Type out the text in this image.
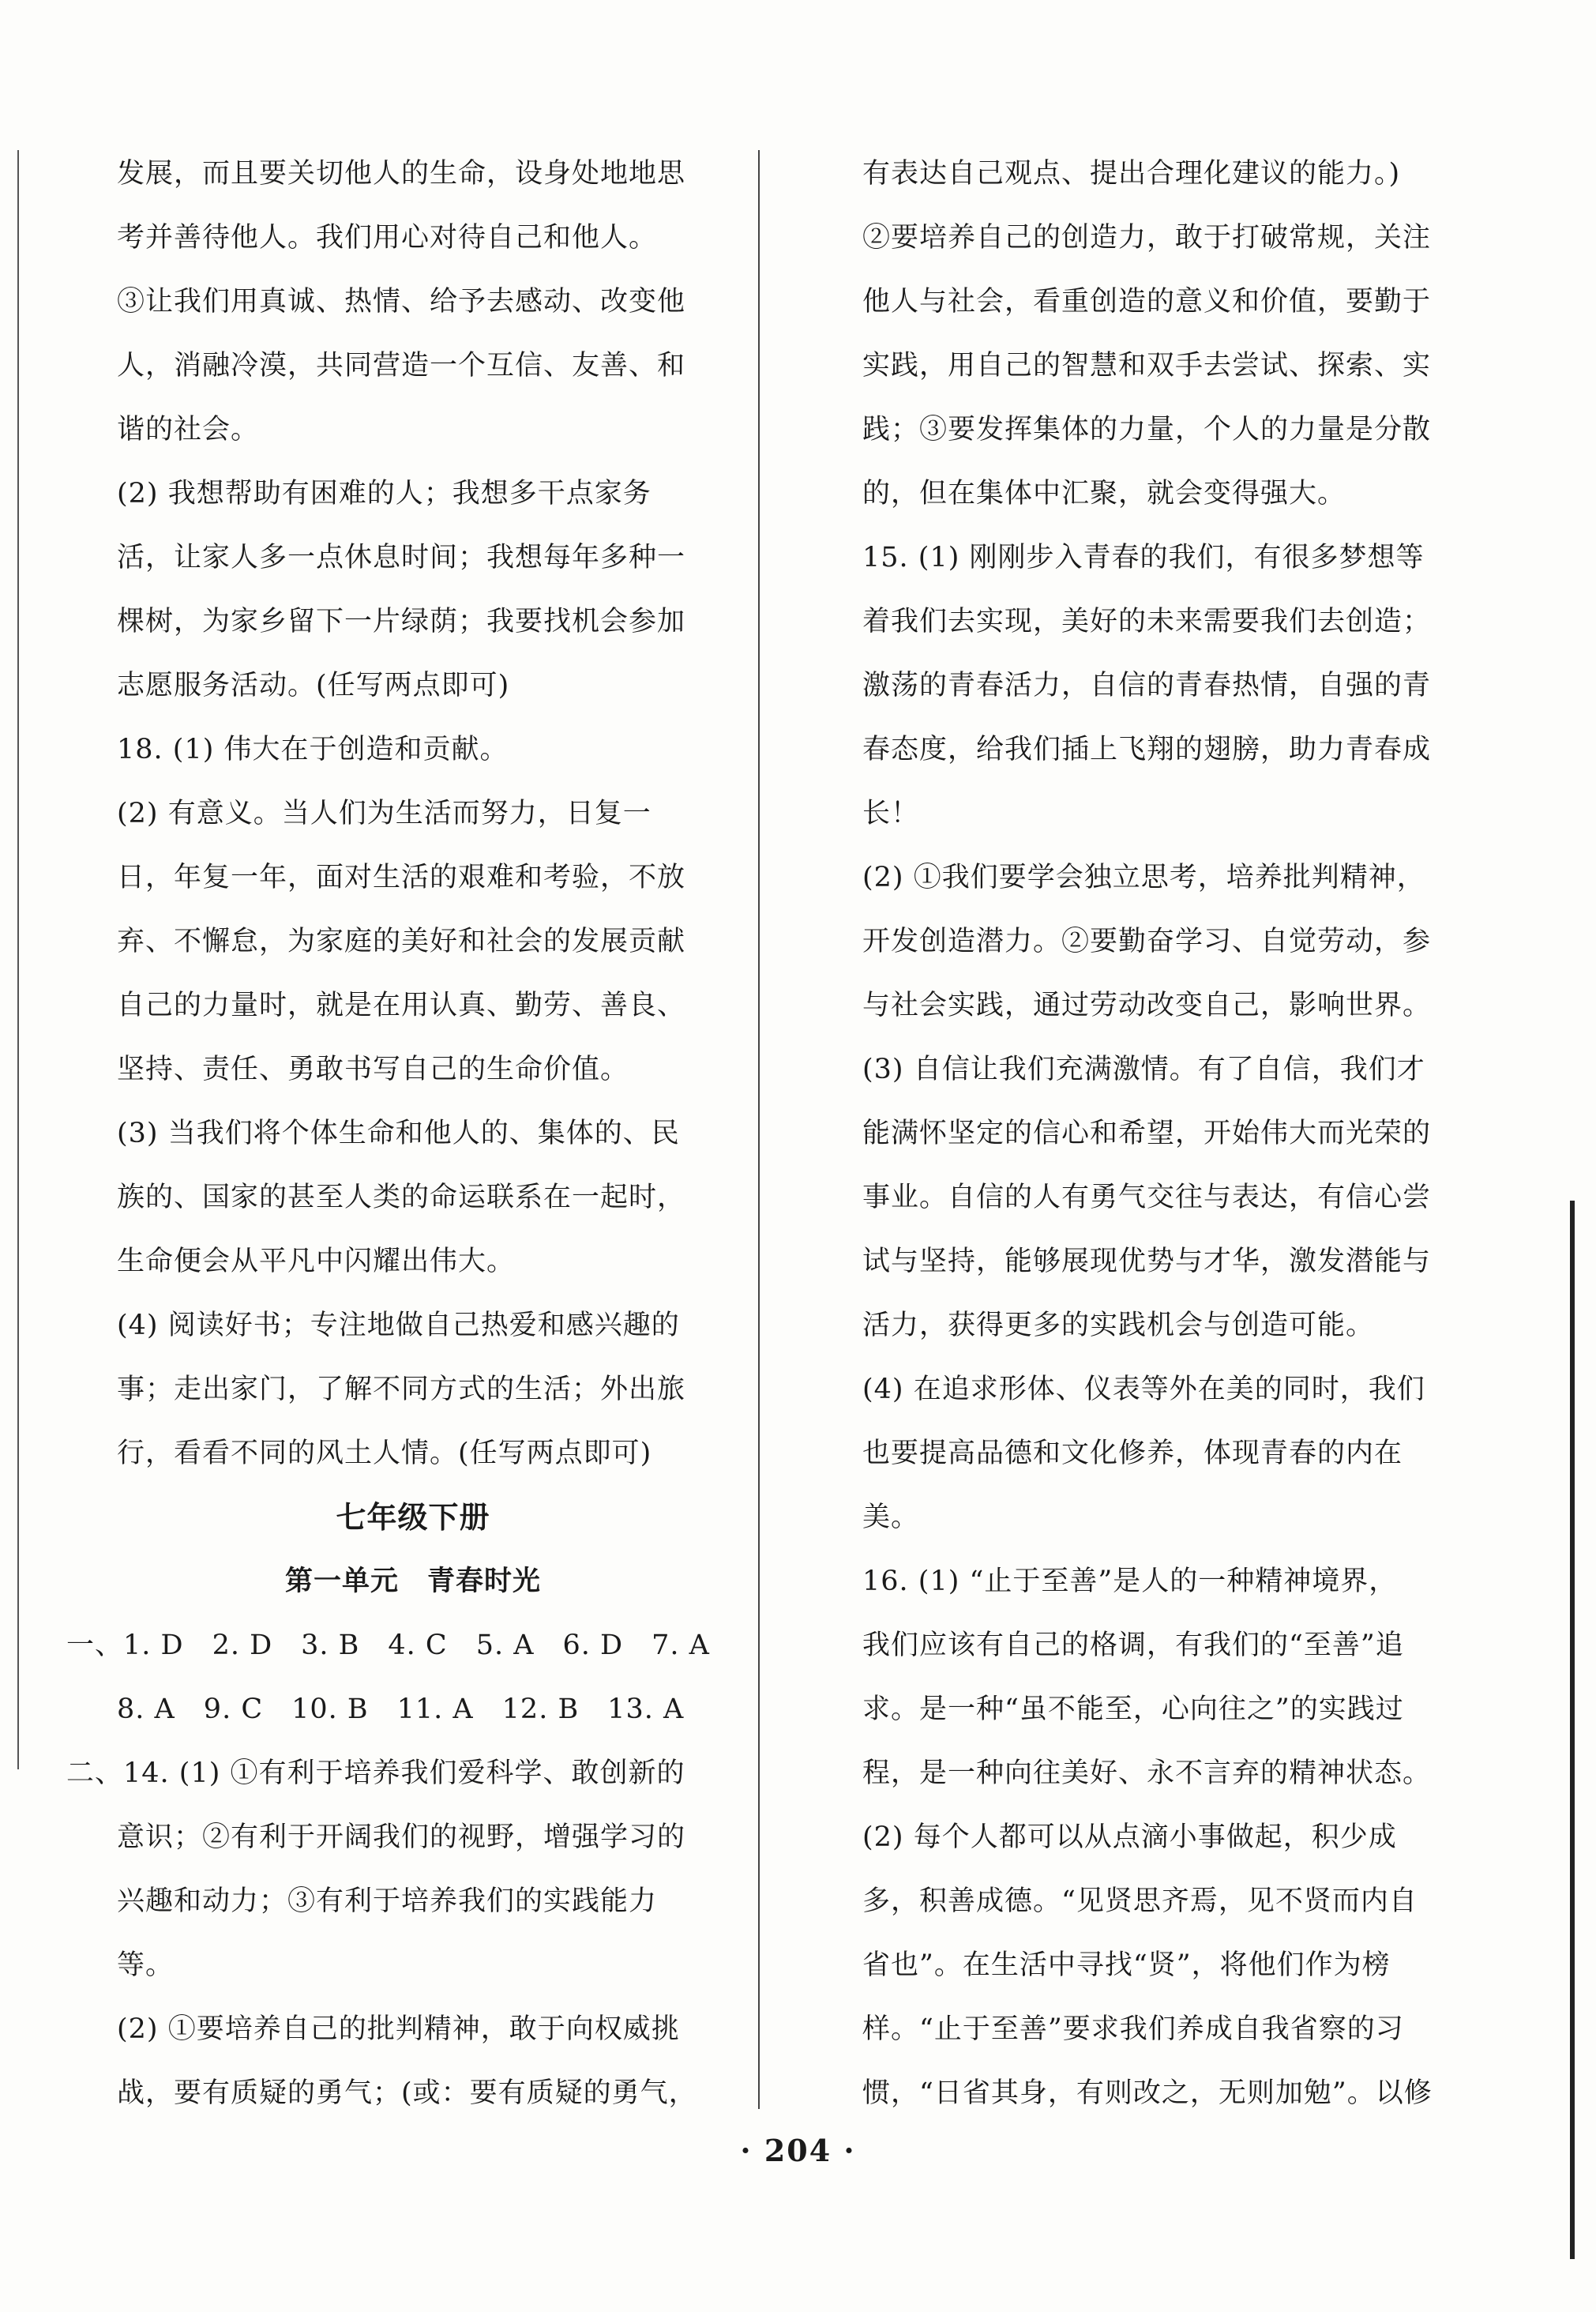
发展，而且要关切他人的生命，设身处地地思
考并善待他人。我们用心对待自己和他人。
③让我们用真诚、热情、给予去感动、改变他
人，消融冷漠，共同营造一个互信、友善、和
谐的社会。
(2) 我想帮助有困难的人；我想多干点家务
活，让家人多一点休息时间；我想每年多种一
棵树，为家乡留下一片绿荫；我要找机会参加
志愿服务活动。(任写两点即可)
18. (1) 伟大在于创造和贡献。
(2) 有意义。当人们为生活而努力，日复一
日，年复一年，面对生活的艰难和考验，不放
弃、不懈怠，为家庭的美好和社会的发展贡献
自己的力量时，就是在用认真、勤劳、善良、
坚持、责任、勇敢书写自己的生命价值。
(3) 当我们将个体生命和他人的、集体的、民
族的、国家的甚至人类的命运联系在一起时，
生命便会从平凡中闪耀出伟大。
(4) 阅读好书；专注地做自己热爱和感兴趣的
事；走出家门，了解不同方式的生活；外出旅
行，看看不同的风土人情。(任写两点即可)
七年级下册
第一单元　青春时光
一、1. D　2. D　3. B　4. C　5. A　6. D　7. A
8. A　9. C　10. B　11. A　12. B　13. A
二、14. (1) ①有利于培养我们爱科学、敢创新的
意识；②有利于开阔我们的视野，增强学习的
兴趣和动力；③有利于培养我们的实践能力
等。
(2) ①要培养自己的批判精神，敢于向权威挑
战，要有质疑的勇气；(或：要有质疑的勇气，
有表达自己观点、提出合理化建议的能力。)
②要培养自己的创造力，敢于打破常规，关注
他人与社会，看重创造的意义和价值，要勤于
实践，用自己的智慧和双手去尝试、探索、实
践；③要发挥集体的力量，个人的力量是分散
的，但在集体中汇聚，就会变得强大。
15. (1) 刚刚步入青春的我们，有很多梦想等
着我们去实现，美好的未来需要我们去创造；
激荡的青春活力，自信的青春热情，自强的青
春态度，给我们插上飞翔的翅膀，助力青春成
长！
(2) ①我们要学会独立思考，培养批判精神，
开发创造潜力。②要勤奋学习、自觉劳动，参
与社会实践，通过劳动改变自己，影响世界。
(3) 自信让我们充满激情。有了自信，我们才
能满怀坚定的信心和希望，开始伟大而光荣的
事业。自信的人有勇气交往与表达，有信心尝
试与坚持，能够展现优势与才华，激发潜能与
活力，获得更多的实践机会与创造可能。
(4) 在追求形体、仪表等外在美的同时，我们
也要提高品德和文化修养，体现青春的内在
美。
16. (1) “止于至善”是人的一种精神境界，
我们应该有自己的格调，有我们的“至善”追
求。是一种“虽不能至，心向往之”的实践过
程，是一种向往美好、永不言弃的精神状态。
(2) 每个人都可以从点滴小事做起，积少成
多，积善成德。“见贤思齐焉，见不贤而内自
省也”。在生活中寻找“贤”，将他们作为榜
样。“止于至善”要求我们养成自我省察的习
惯，“日省其身，有则改之，无则加勉”。以修
· 204 ·
